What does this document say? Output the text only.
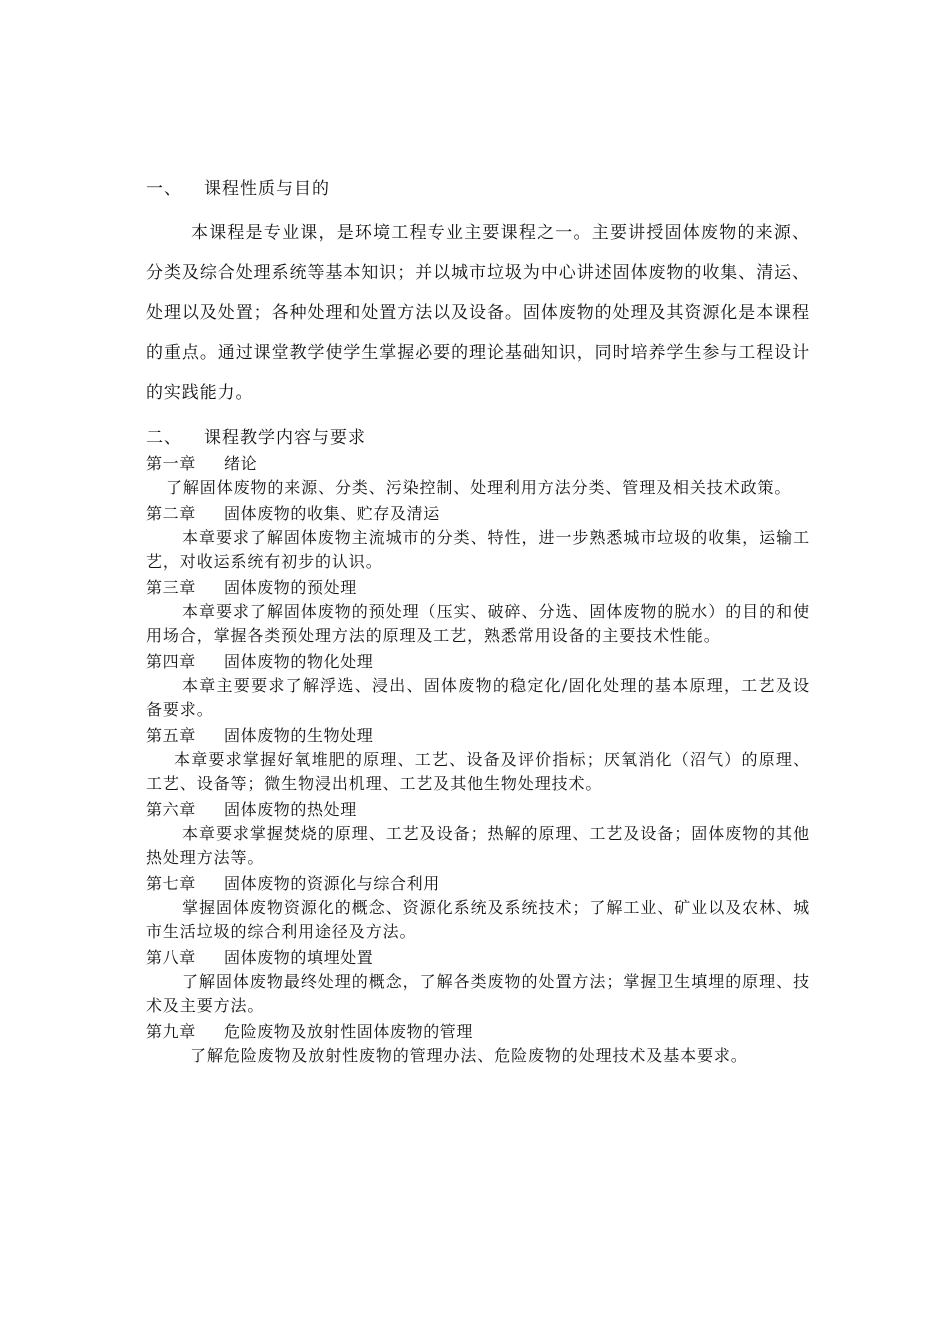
一、 课程性质与目的
本课程是专业课，是环境工程专业主要课程之一。主要讲授固体废物的来源、分类及综合处理系统等基本知识；并以城市垃圾为中心讲述固体废物的收集、清运、处理以及处置；各种处理和处置方法以及设备。固体废物的处理及其资源化是本课程的重点。通过课堂教学使学生掌握必要的理论基础知识，同时培养学生参与工程设计的实践能力。
二、 课程教学内容与要求
第一章 绪论
了解固体废物的来源、分类、污染控制、处理利用方法分类、管理及相关技术政策。
第二章 固体废物的收集、贮存及清运
本章要求了解固体废物主流城市的分类、特性，进一步熟悉城市垃圾的收集，运输工艺，对收运系统有初步的认识。
第三章 固体废物的预处理
本章要求了解固体废物的预处理（压实、破碎、分选、固体废物的脱水）的目的和使用场合，掌握各类预处理方法的原理及工艺，熟悉常用设备的主要技术性能。
第四章 固体废物的物化处理
本章主要要求了解浮选、浸出、固体废物的稳定化/固化处理的基本原理，工艺及设备要求。
第五章 固体废物的生物处理
本章要求掌握好氧堆肥的原理、工艺、设备及评价指标；厌氧消化（沼气）的原理、工艺、设备等；微生物浸出机理、工艺及其他生物处理技术。
第六章 固体废物的热处理
本章要求掌握焚烧的原理、工艺及设备；热解的原理、工艺及设备；固体废物的其他热处理方法等。
第七章 固体废物的资源化与综合利用
掌握固体废物资源化的概念、资源化系统及系统技术；了解工业、矿业以及农林、城市生活垃圾的综合利用途径及方法。
第八章 固体废物的填埋处置
了解固体废物最终处理的概念，了解各类废物的处置方法；掌握卫生填埋的原理、技术及主要方法。
第九章 危险废物及放射性固体废物的管理
了解危险废物及放射性废物的管理办法、危险废物的处理技术及基本要求。
